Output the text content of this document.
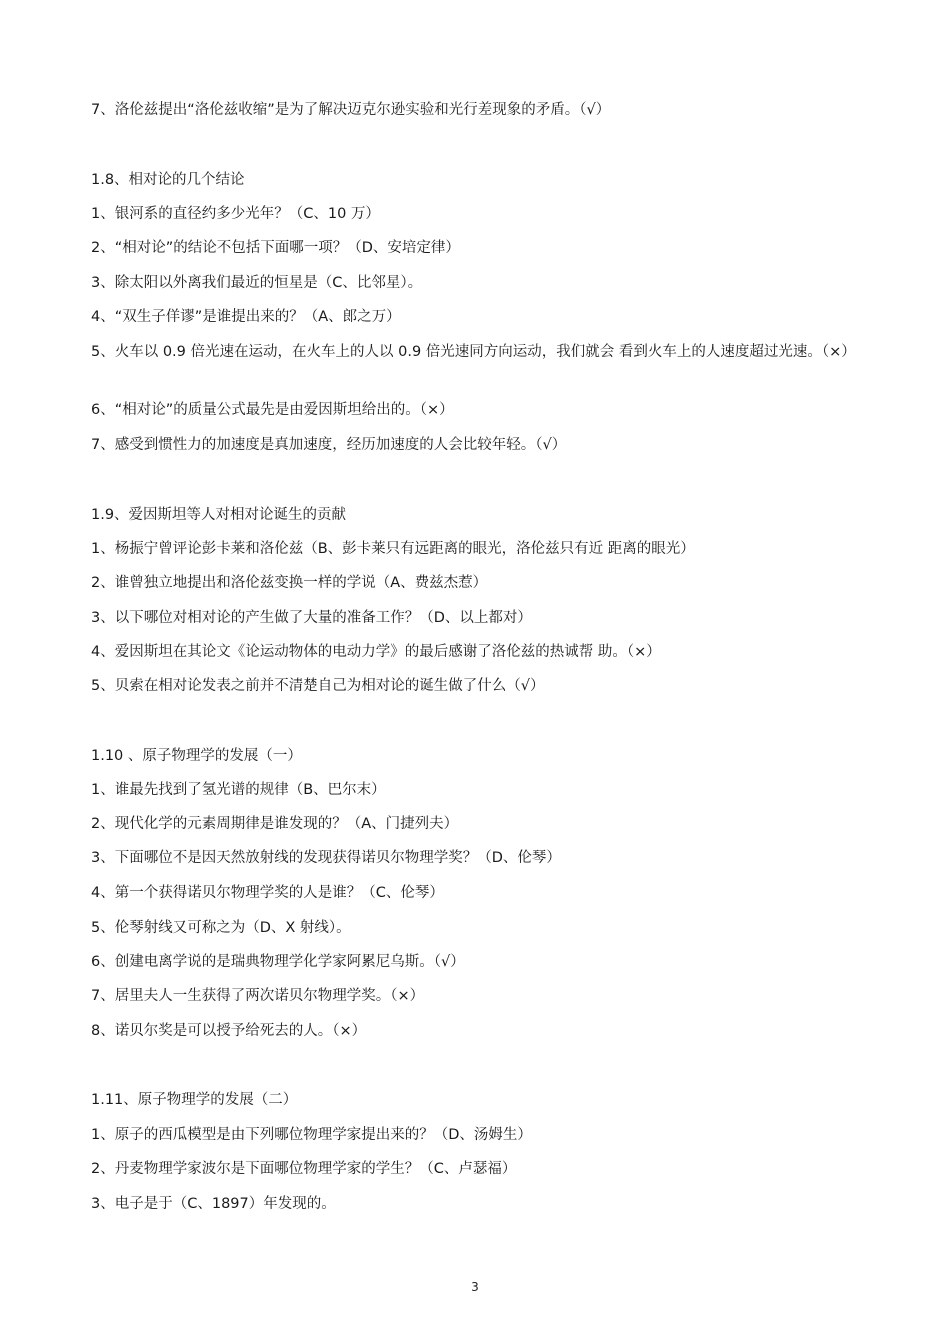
7、洛伦兹提出“洛伦兹收缩”是为了解决迈克尔逊实验和光行差现象的矛盾。（√）
1.8、相对论的几个结论
1、银河系的直径约多少光年？（C、10 万）
2、“相对论”的结论不包括下面哪一项？（D、安培定律）
3、除太阳以外离我们最近的恒星是（C、比邻星）。
4、“双生子佯谬”是谁提出来的？（A、郎之万）
5、火车以 0.9 倍光速在运动，在火车上的人以 0.9 倍光速同方向运动，我们就会 看到火车上的人速度超过光速。（×）
6、“相对论”的质量公式最先是由爱因斯坦给出的。（×）
7、感受到惯性力的加速度是真加速度，经历加速度的人会比较年轻。（√）
1.9、爱因斯坦等人对相对论诞生的贡献
1、杨振宁曾评论彭卡莱和洛伦兹（B、彭卡莱只有远距离的眼光，洛伦兹只有近 距离的眼光）
2、谁曾独立地提出和洛伦兹变换一样的学说（A、费兹杰惹）
3、以下哪位对相对论的产生做了大量的准备工作？（D、以上都对）
4、爱因斯坦在其论文《论运动物体的电动力学》的最后感谢了洛伦兹的热诚帮 助。（×）
5、贝索在相对论发表之前并不清楚自己为相对论的诞生做了什么（√）
1.10 、原子物理学的发展（一）
1、谁最先找到了氢光谱的规律（B、巴尔末）
2、现代化学的元素周期律是谁发现的？（A、门捷列夫）
3、下面哪位不是因天然放射线的发现获得诺贝尔物理学奖？（D、伦琴）
4、第一个获得诺贝尔物理学奖的人是谁？（C、伦琴）
5、伦琴射线又可称之为（D、X 射线）。
6、创建电离学说的是瑞典物理学化学家阿累尼乌斯。（√）
7、居里夫人一生获得了两次诺贝尔物理学奖。（×）
8、诺贝尔奖是可以授予给死去的人。（×）
1.11、原子物理学的发展（二）
1、原子的西瓜模型是由下列哪位物理学家提出来的？（D、汤姆生）
2、丹麦物理学家波尔是下面哪位物理学家的学生？（C、卢瑟福）
3、电子是于（C、1897）年发现的。
3
